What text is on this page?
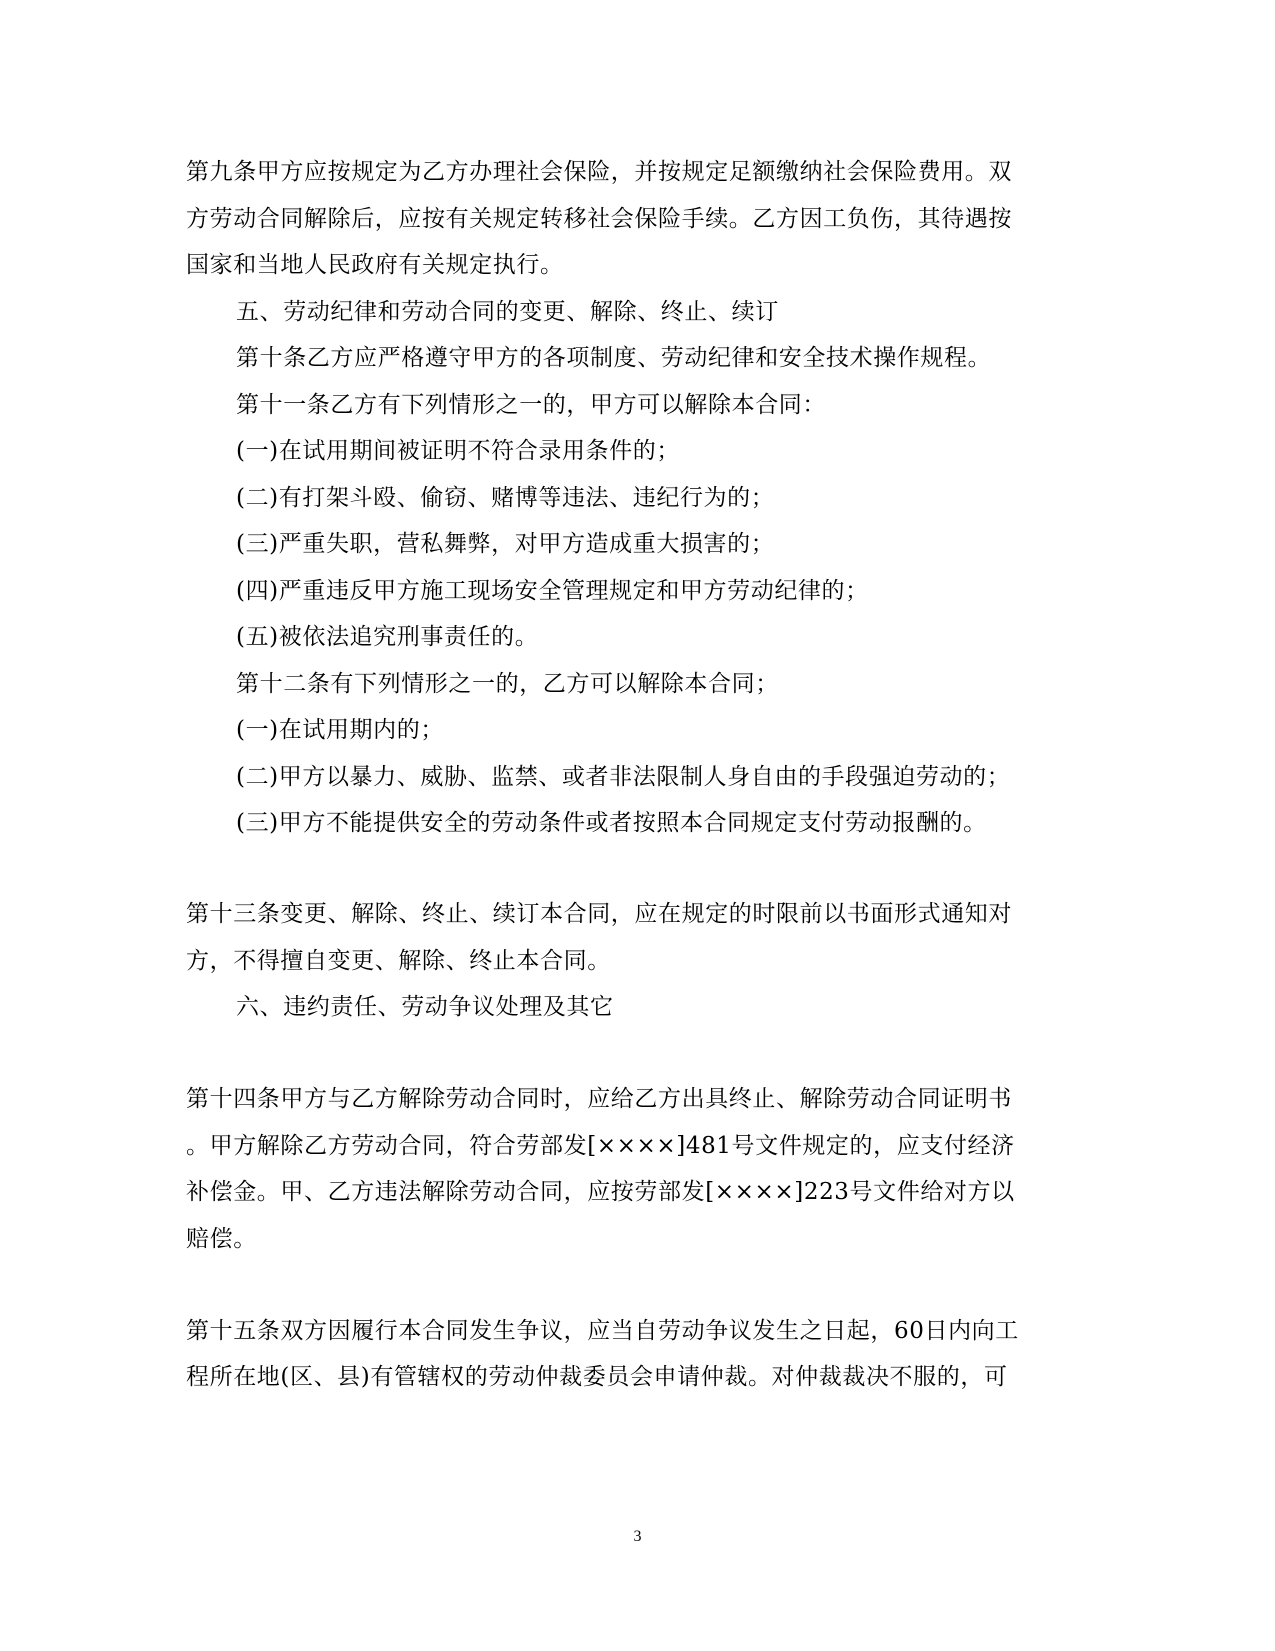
第九条甲方应按规定为乙方办理社会保险，并按规定足额缴纳社会保险费用。双
方劳动合同解除后，应按有关规定转移社会保险手续。乙方因工负伤，其待遇按
国家和当地人民政府有关规定执行。
五、劳动纪律和劳动合同的变更、解除、终止、续订
第十条乙方应严格遵守甲方的各项制度、劳动纪律和安全技术操作规程。
第十一条乙方有下列情形之一的，甲方可以解除本合同：
(一)在试用期间被证明不符合录用条件的；
(二)有打架斗殴、偷窃、赌博等违法、违纪行为的；
(三)严重失职，营私舞弊，对甲方造成重大损害的；
(四)严重违反甲方施工现场安全管理规定和甲方劳动纪律的；
(五)被依法追究刑事责任的。
第十二条有下列情形之一的，乙方可以解除本合同；
(一)在试用期内的；
(二)甲方以暴力、威胁、监禁、或者非法限制人身自由的手段强迫劳动的；
(三)甲方不能提供安全的劳动条件或者按照本合同规定支付劳动报酬的。
第十三条变更、解除、终止、续订本合同，应在规定的时限前以书面形式通知对
方，不得擅自变更、解除、终止本合同。
六、违约责任、劳动争议处理及其它
第十四条甲方与乙方解除劳动合同时，应给乙方出具终止、解除劳动合同证明书
。甲方解除乙方劳动合同，符合劳部发[××××]481号文件规定的，应支付经济
补偿金。甲、乙方违法解除劳动合同，应按劳部发[××××]223号文件给对方以
赔偿。
第十五条双方因履行本合同发生争议，应当自劳动争议发生之日起，60日内向工
程所在地(区、县)有管辖权的劳动仲裁委员会申请仲裁。对仲裁裁决不服的，可
3
